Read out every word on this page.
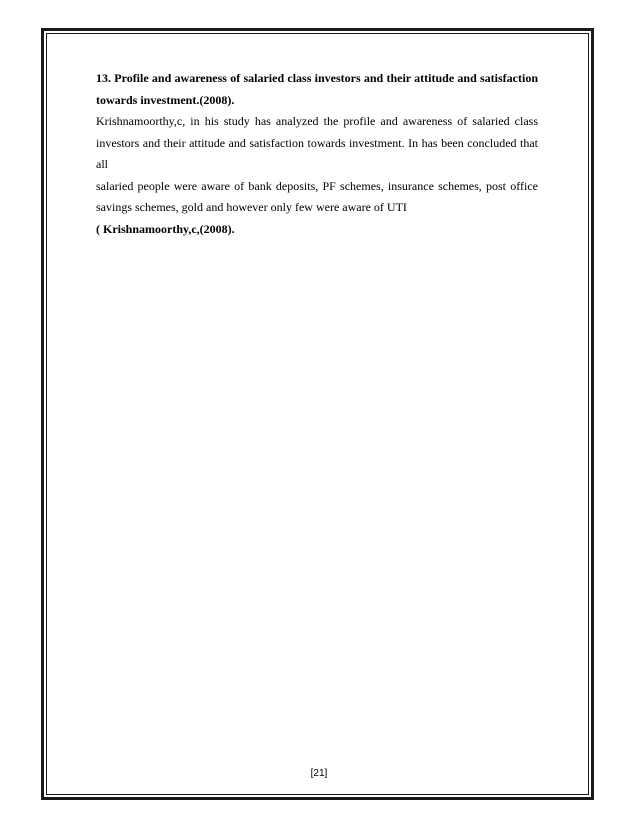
13. Profile and awareness of salaried class investors and their attitude and satisfaction
towards investment.(2008).
Krishnamoorthy,c, in his study has analyzed the profile and awareness of salaried class
investors and their attitude and satisfaction towards investment. In has been concluded that all
salaried people were aware of bank deposits, PF schemes, insurance schemes, post office
savings schemes, gold and however only few were aware of UTI
( Krishnamoorthy,c,(2008).
[21]
